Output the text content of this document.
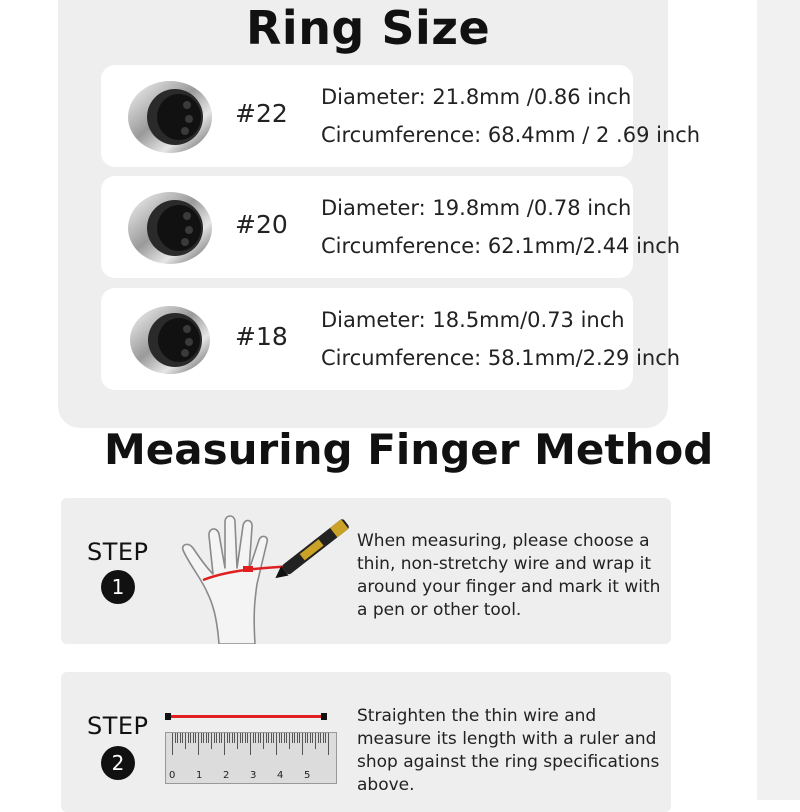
Ring Size
#22
Diameter: 21.8mm /0.86 inch
Circumference: 68.4mm / 2 .69 inch
#20
Diameter: 19.8mm /0.78 inch
Circumference: 62.1mm/2.44 inch
#18
Diameter: 18.5mm/0.73 inch
Circumference: 58.1mm/2.29 inch
Measuring Finger Method
STEP
1
When measuring, please choose a thin, non-stretchy wire and wrap it around your finger and mark it with a pen or other tool.
STEP
2
0 1 2 3 4 5
Straighten the thin wire and measure its length with a ruler and shop against the ring specifications above.
